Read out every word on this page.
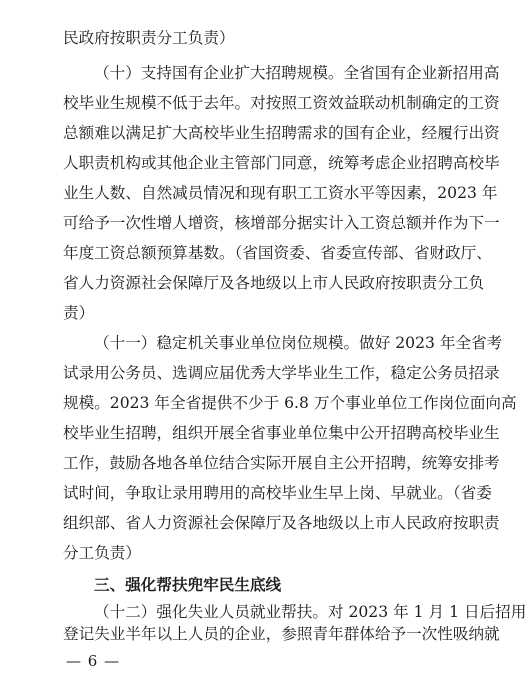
民政府按职责分工负责）
（十）支持国有企业扩大招聘规模。全省国有企业新招用高
校毕业生规模不低于去年。对按照工资效益联动机制确定的工资
总额难以满足扩大高校毕业生招聘需求的国有企业，经履行出资
人职责机构或其他企业主管部门同意，统筹考虑企业招聘高校毕
业生人数、自然减员情况和现有职工工资水平等因素，2023 年
可给予一次性增人增资，核增部分据实计入工资总额并作为下一
年度工资总额预算基数。（省国资委、省委宣传部、省财政厅、
省人力资源社会保障厅及各地级以上市人民政府按职责分工负
责）
（十一）稳定机关事业单位岗位规模。做好 2023 年全省考
试录用公务员、选调应届优秀大学毕业生工作，稳定公务员招录
规模。2023 年全省提供不少于 6.8 万个事业单位工作岗位面向高
校毕业生招聘，组织开展全省事业单位集中公开招聘高校毕业生
工作，鼓励各地各单位结合实际开展自主公开招聘，统筹安排考
试时间，争取让录用聘用的高校毕业生早上岗、早就业。（省委
组织部、省人力资源社会保障厅及各地级以上市人民政府按职责
分工负责）
三、强化帮扶兜牢民生底线
（十二）强化失业人员就业帮扶。对 2023 年 1 月 1 日后招用
登记失业半年以上人员的企业，参照青年群体给予一次性吸纳就
— 6 —
